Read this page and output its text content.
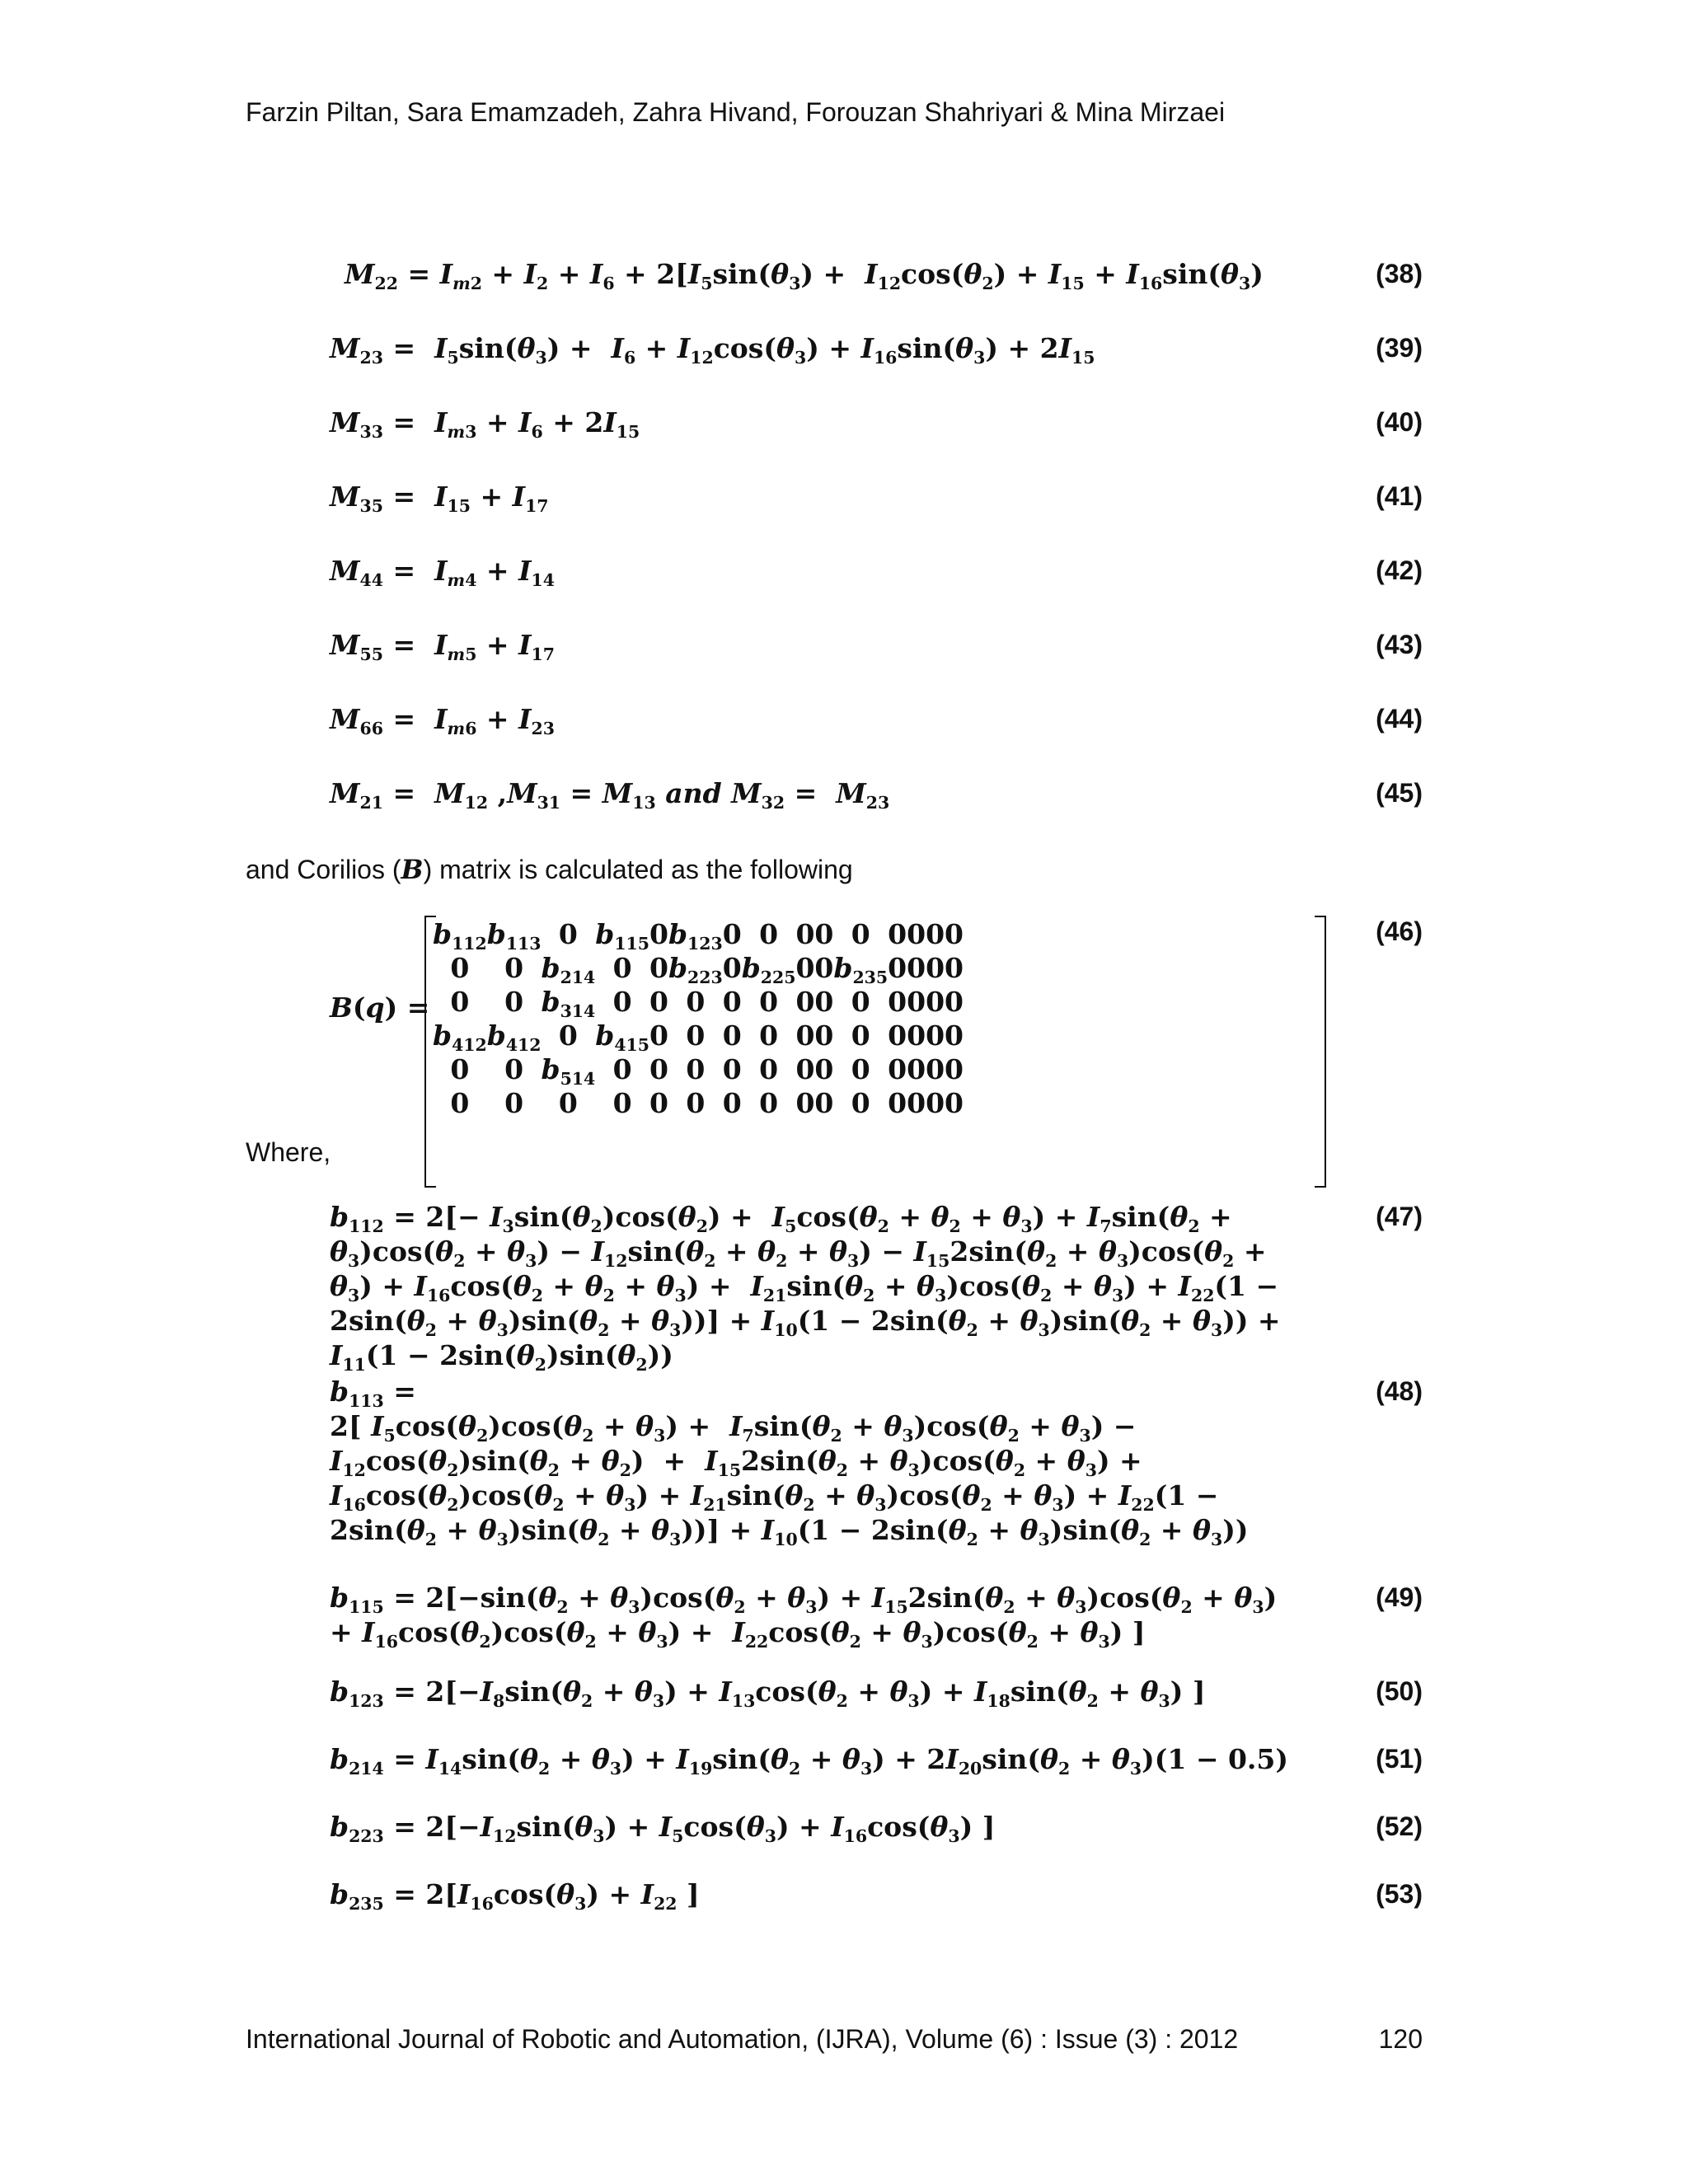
Farzin Piltan, Sara Emamzadeh, Zahra Hivand, Forouzan Shahriyari & Mina Mirzaei
$M_{22} = I_{m2} + I_2 + I_6 + 2[I_5\sin(\theta_3) + I_{12}\cos(\theta_2) + I_{15} + I_{16}\sin(\theta_3)$	(38)
$M_{23} = I_5\sin(\theta_3) + I_6 + I_{12}\cos(\theta_3) + I_{16}\sin(\theta_3) + 2I_{15}$	(39)
$M_{33} = I_{m3} + I_6 + 2I_{15}$	(40)
$M_{35} = I_{15} + I_{17}$	(41)
$M_{44} = I_{m4} + I_{14}$	(42)
$M_{55} = I_{m5} + I_{17}$	(43)
$M_{66} = I_{m6} + I_{23}$	(44)
$M_{21} = M_{12}$ $,M_{31} = M_{13}$ and $M_{32} = M_{23}$	(45)
and Corilios (B) matrix is calculated as the following
B(q) =
$b_{112}$	$b_{113}$	0	$b_{115}$	0	$b_{123}$	0	0	0	0	0	0	0	0	0
0	0	$b_{214}$	0	0	$b_{223}$	0	$b_{225}$	0	0	$b_{235}$	0	0	0	0
0	0	$b_{314}$	0	0	0	0	0	0	0	0	0	0	0	0
$b_{412}$	$b_{412}$	0	$b_{415}$	0	0	0	0	0	0	0	0	0	0	0
0	0	$b_{514}$	0	0	0	0	0	0	0	0	0	0	0	0
0	0	0	0	0	0	0	0	0	0	0	0	0	0	0
(46)
Where,
$b_{112} = 2[- I_3\sin(\theta_2)\cos(\theta_2) + I_5\cos(\theta_2 + \theta_2 + \theta_3) + I_7\sin(\theta_2 + \theta_3)\cos(\theta_2 + \theta_3) - I_{12}\sin(\theta_2 + \theta_2 + \theta_3) - I_{15}2\sin(\theta_2 + \theta_3)\cos(\theta_2 + \theta_3) + I_{16}\cos(\theta_2 + \theta_2 + \theta_3) + I_{21}\sin(\theta_2 + \theta_3)\cos(\theta_2 + \theta_3) + I_{22}(1 - 2\sin(\theta_2 + \theta_3)\sin(\theta_2 + \theta_3))] + I_{10}(1 - 2\sin(\theta_2 + \theta_3)\sin(\theta_2 + \theta_3)) + I_{11}(1 - 2\sin(\theta_2)\sin(\theta_2))$
(47)
$b_{113}$ =
2[ $I_5\cos(\theta_2)\cos(\theta_2 + \theta_3) + I_7\sin(\theta_2 + \theta_3)\cos(\theta_2 + \theta_3) - I_{12}\cos(\theta_2)\sin(\theta_2 + \theta_2) + I_{15}2\sin(\theta_2 + \theta_3)\cos(\theta_2 + \theta_3) + I_{16}\cos(\theta_2)\cos(\theta_2 + \theta_3) + I_{21}\sin(\theta_2 + \theta_3)\cos(\theta_2 + \theta_3) + I_{22}(1 - 2\sin(\theta_2 + \theta_3)\sin(\theta_2 + \theta_3))] + I_{10}(1 - 2\sin(\theta_2 + \theta_3)\sin(\theta_2 + \theta_3))$
(48)
$b_{115} = 2[-\sin(\theta_2 + \theta_3)\cos(\theta_2 + \theta_3) + I_{15}2\sin(\theta_2 + \theta_3)\cos(\theta_2 + \theta_3) + I_{16}\cos(\theta_2)\cos(\theta_2 + \theta_3) + I_{22}\cos(\theta_2 + \theta_3)\cos(\theta_2 + \theta_3)$ ]
(49)
$b_{123} = 2[-I_8\sin(\theta_2 + \theta_3) + I_{13}\cos(\theta_2 + \theta_3) + I_{18}\sin(\theta_2 + \theta_3)$ ]	(50)
$b_{214} = I_{14}\sin(\theta_2 + \theta_3) + I_{19}\sin(\theta_2 + \theta_3) + 2I_{20}\sin(\theta_2 + \theta_3)(1 - 0.5)$	(51)
$b_{223} = 2[-I_{12}\sin(\theta_3) + I_5\cos(\theta_3) + I_{16}\cos(\theta_3)$ ]	(52)
$b_{235} = 2[I_{16}\cos(\theta_3) + I_{22}$ ]	(53)
International Journal of Robotic and Automation, (IJRA), Volume (6) : Issue (3) : 2012	120
